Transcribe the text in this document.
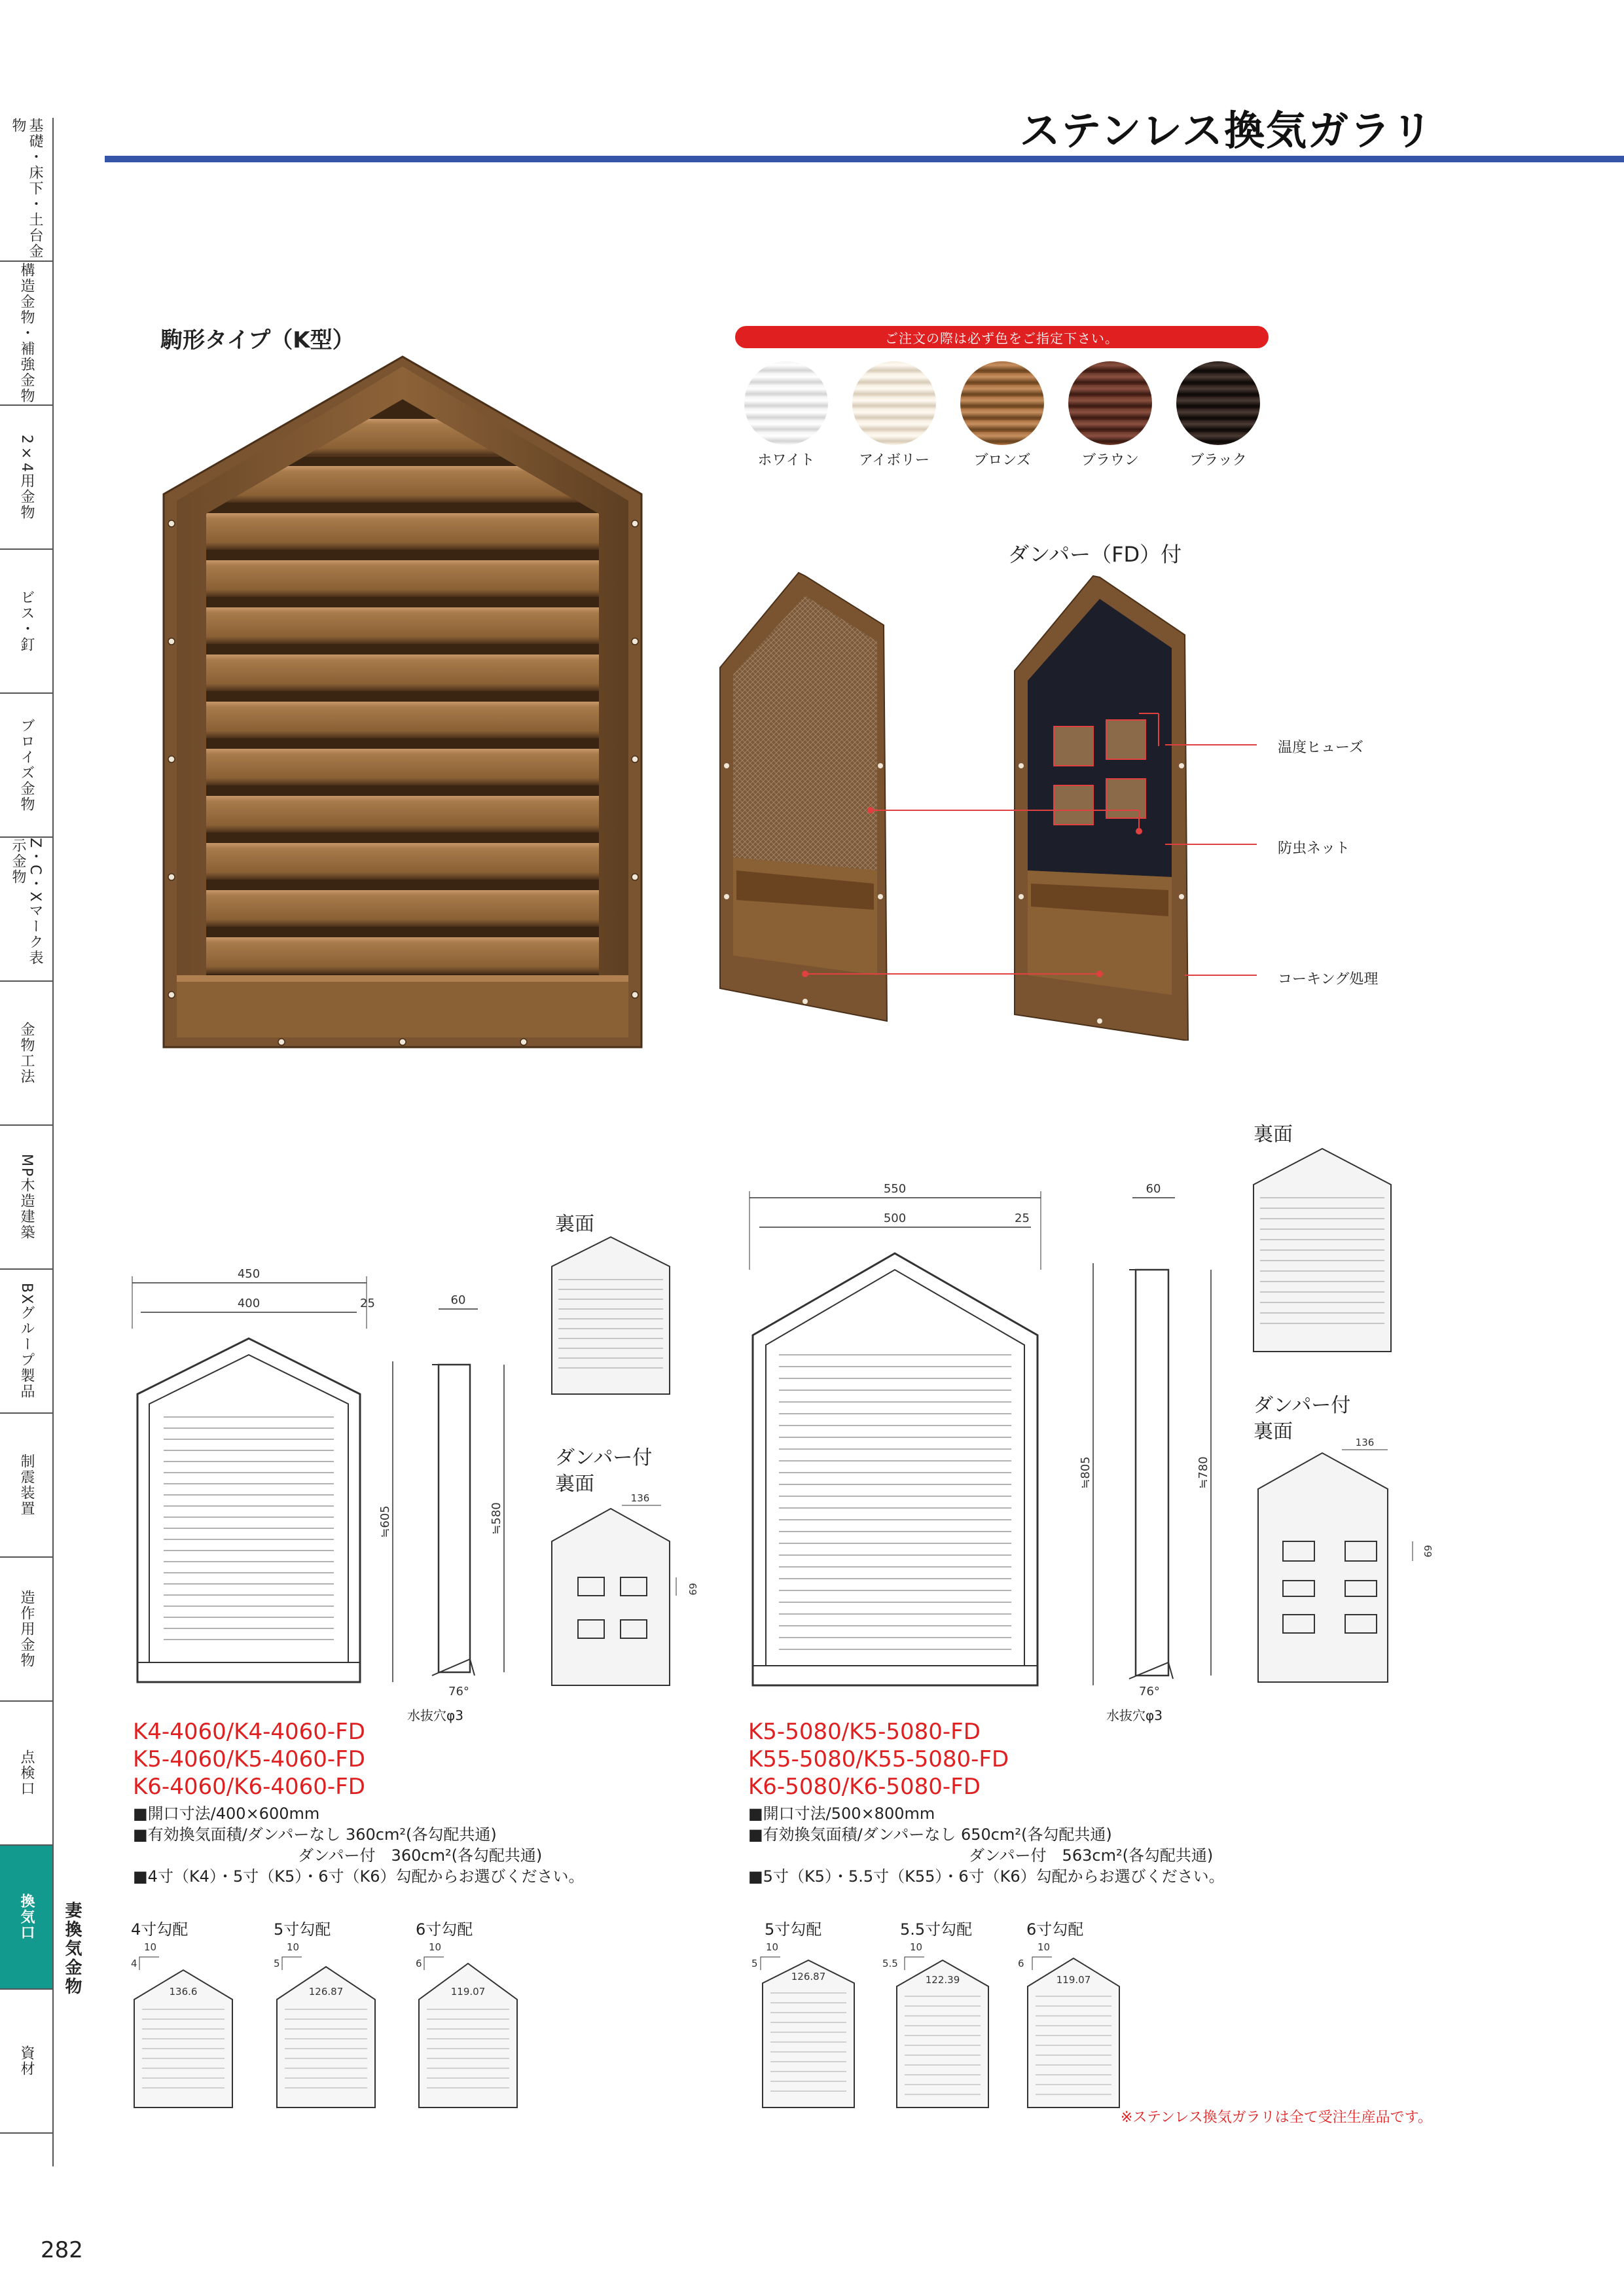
基礎・床下・土台金物
構造金物・補強金物
2×4用金物
ビス・釘
ブロイズ金物
Z・C・Xマーク表示金物
金物工法
MP木造建築
BXグループ製品
制震装置
造作用金物
点検口
換気口
資材
妻換気金物
282
ステンレス換気ガラリ
駒形タイプ（K型）	ご注文の際は必ず色をご指定下さい。
ホワイト	アイボリー	ブロンズ	ブラウン	ブラック
ダンパー（FD）付
温度ヒューズ
防虫ネット
コーキング処理
450
400	25
≒605
60
≒580
76°
水抜穴φ3
裏面
ダンパー付
裏面
136
69
K4-4060/K4-4060-FD
K5-4060/K5-4060-FD
K6-4060/K6-4060-FD
■開口寸法/400×600mm
■有効換気面積/ダンパーなし 360cm²(各勾配共通)
ダンパー付　360cm²(各勾配共通)
■4寸（K4）・5寸（K5）・6寸（K6）勾配からお選びください。
4寸勾配	5寸勾配	6寸勾配
10
4
136.6
10
5
126.87
10
6
119.07
550
500	25
≒805
60
≒780
76°
水抜穴φ3
裏面
ダンパー付
裏面	136
69
K5-5080/K5-5080-FD
K55-5080/K55-5080-FD
K6-5080/K6-5080-FD
■開口寸法/500×800mm
■有効換気面積/ダンパーなし 650cm²(各勾配共通)
ダンパー付　563cm²(各勾配共通)
■5寸（K5）・5.5寸（K55）・6寸（K6）勾配からお選びください。
5寸勾配	5.5寸勾配	6寸勾配
10
5
126.87
10
5.5
122.39
10
6
119.07
※ステンレス換気ガラリは全て受注生産品です。
